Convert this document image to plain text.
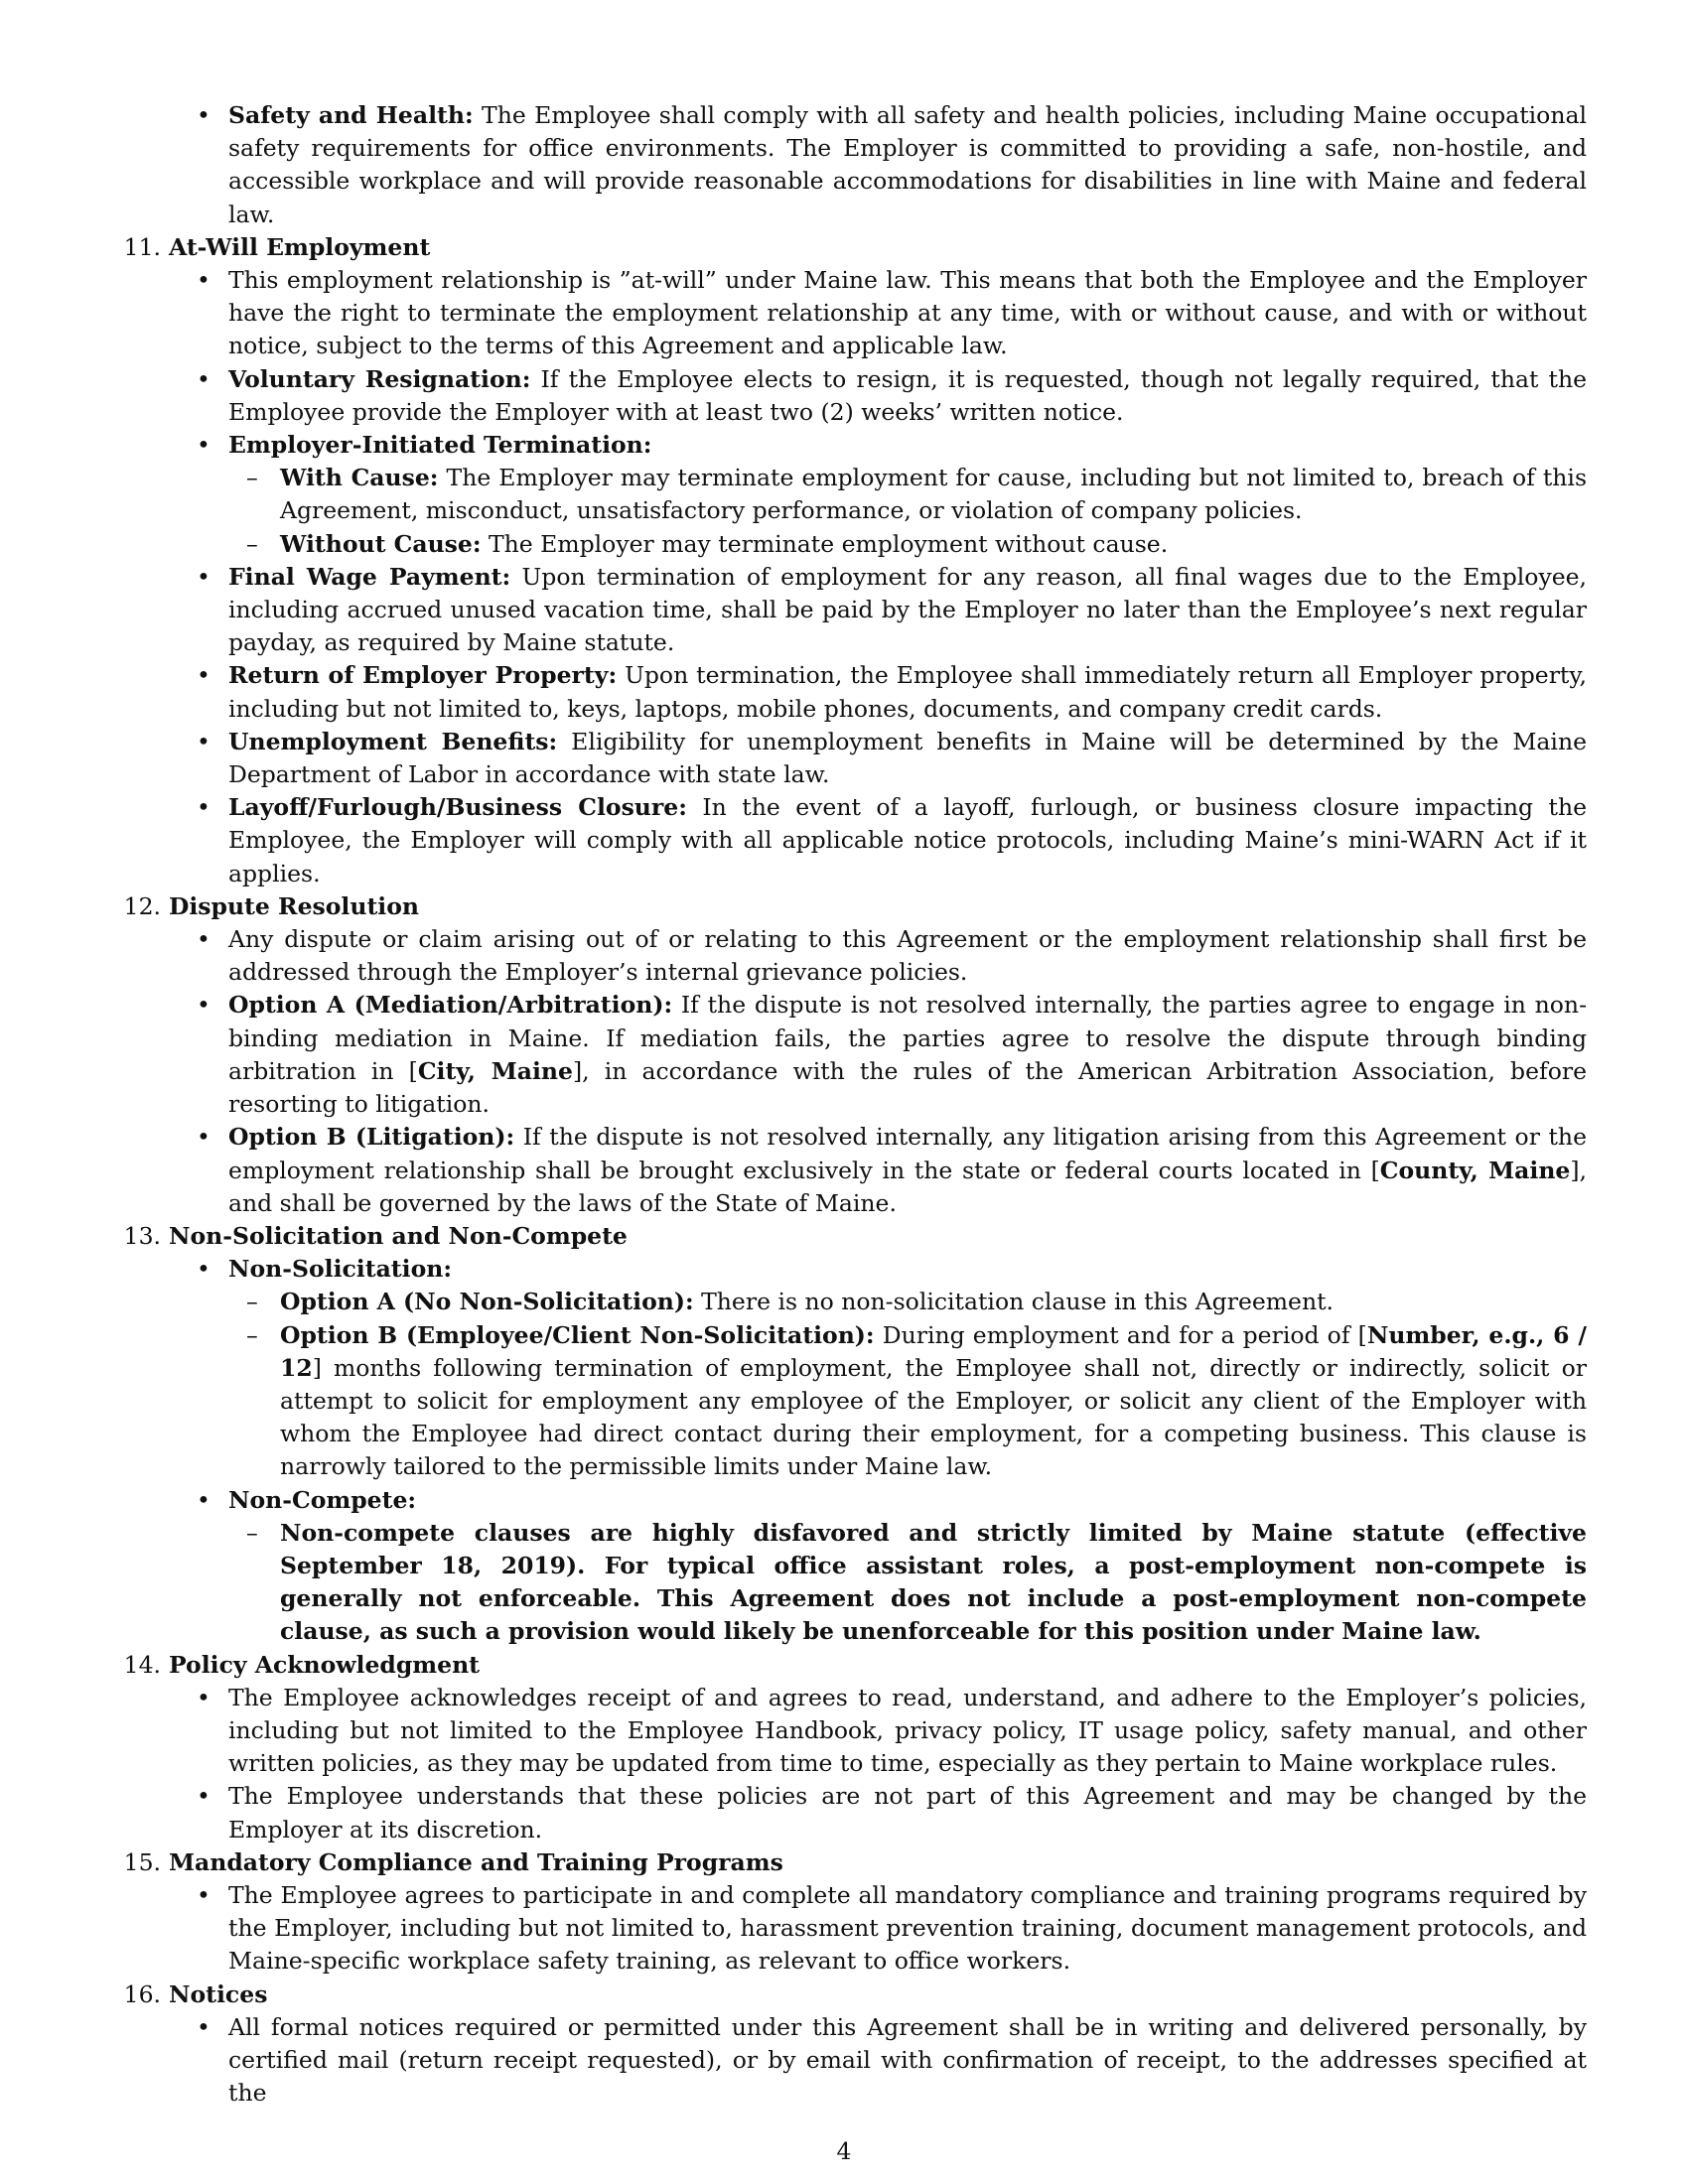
• Safety and Health: The Employee shall comply with all safety and health policies, including Maine occupational safety requirements for office environments. The Employer is committed to providing a safe, non-hostile, and accessible workplace and will provide reasonable accommodations for disabilities in line with Maine and federal law.
11. At-Will Employment
• This employment relationship is ”at-will” under Maine law. This means that both the Employee and the Employer have the right to terminate the employment relationship at any time, with or without cause, and with or without notice, subject to the terms of this Agreement and applicable law.
• Voluntary Resignation: If the Employee elects to resign, it is requested, though not legally required, that the Employee provide the Employer with at least two (2) weeks’ written notice.
• Employer-Initiated Termination:
– With Cause: The Employer may terminate employment for cause, including but not limited to, breach of this Agreement, misconduct, unsatisfactory performance, or violation of company policies.
– Without Cause: The Employer may terminate employment without cause.
• Final Wage Payment: Upon termination of employment for any reason, all final wages due to the Employee, including accrued unused vacation time, shall be paid by the Employer no later than the Employee’s next regular payday, as required by Maine statute.
• Return of Employer Property: Upon termination, the Employee shall immediately return all Employer property, including but not limited to, keys, laptops, mobile phones, documents, and company credit cards.
• Unemployment Benefits: Eligibility for unemployment benefits in Maine will be determined by the Maine Department of Labor in accordance with state law.
• Layoff/Furlough/Business Closure: In the event of a layoff, furlough, or business closure impacting the Employee, the Employer will comply with all applicable notice protocols, including Maine’s mini-WARN Act if it applies.
12. Dispute Resolution
• Any dispute or claim arising out of or relating to this Agreement or the employment relationship shall first be addressed through the Employer’s internal grievance policies.
• Option A (Mediation/Arbitration): If the dispute is not resolved internally, the parties agree to engage in non-binding mediation in Maine. If mediation fails, the parties agree to resolve the dispute through binding arbitration in [City, Maine], in accordance with the rules of the American Arbitration Association, before resorting to litigation.
• Option B (Litigation): If the dispute is not resolved internally, any litigation arising from this Agreement or the employment relationship shall be brought exclusively in the state or federal courts located in [County, Maine], and shall be governed by the laws of the State of Maine.
13. Non-Solicitation and Non-Compete
• Non-Solicitation:
– Option A (No Non-Solicitation): There is no non-solicitation clause in this Agreement.
– Option B (Employee/Client Non-Solicitation): During employment and for a period of [Number, e.g., 6 / 12] months following termination of employment, the Employee shall not, directly or indirectly, solicit or attempt to solicit for employment any employee of the Employer, or solicit any client of the Employer with whom the Employee had direct contact during their employment, for a competing business. This clause is narrowly tailored to the permissible limits under Maine law.
• Non-Compete:
– Non-compete clauses are highly disfavored and strictly limited by Maine statute (effective September 18, 2019). For typical office assistant roles, a post-employment non-compete is generally not enforceable. This Agreement does not include a post-employment non-compete clause, as such a provision would likely be unenforceable for this position under Maine law.
14. Policy Acknowledgment
• The Employee acknowledges receipt of and agrees to read, understand, and adhere to the Employer’s policies, including but not limited to the Employee Handbook, privacy policy, IT usage policy, safety manual, and other written policies, as they may be updated from time to time, especially as they pertain to Maine workplace rules.
• The Employee understands that these policies are not part of this Agreement and may be changed by the Employer at its discretion.
15. Mandatory Compliance and Training Programs
• The Employee agrees to participate in and complete all mandatory compliance and training programs required by the Employer, including but not limited to, harassment prevention training, document management protocols, and Maine-specific workplace safety training, as relevant to office workers.
16. Notices
• All formal notices required or permitted under this Agreement shall be in writing and delivered personally, by certified mail (return receipt requested), or by email with confirmation of receipt, to the addresses specified at the
4
